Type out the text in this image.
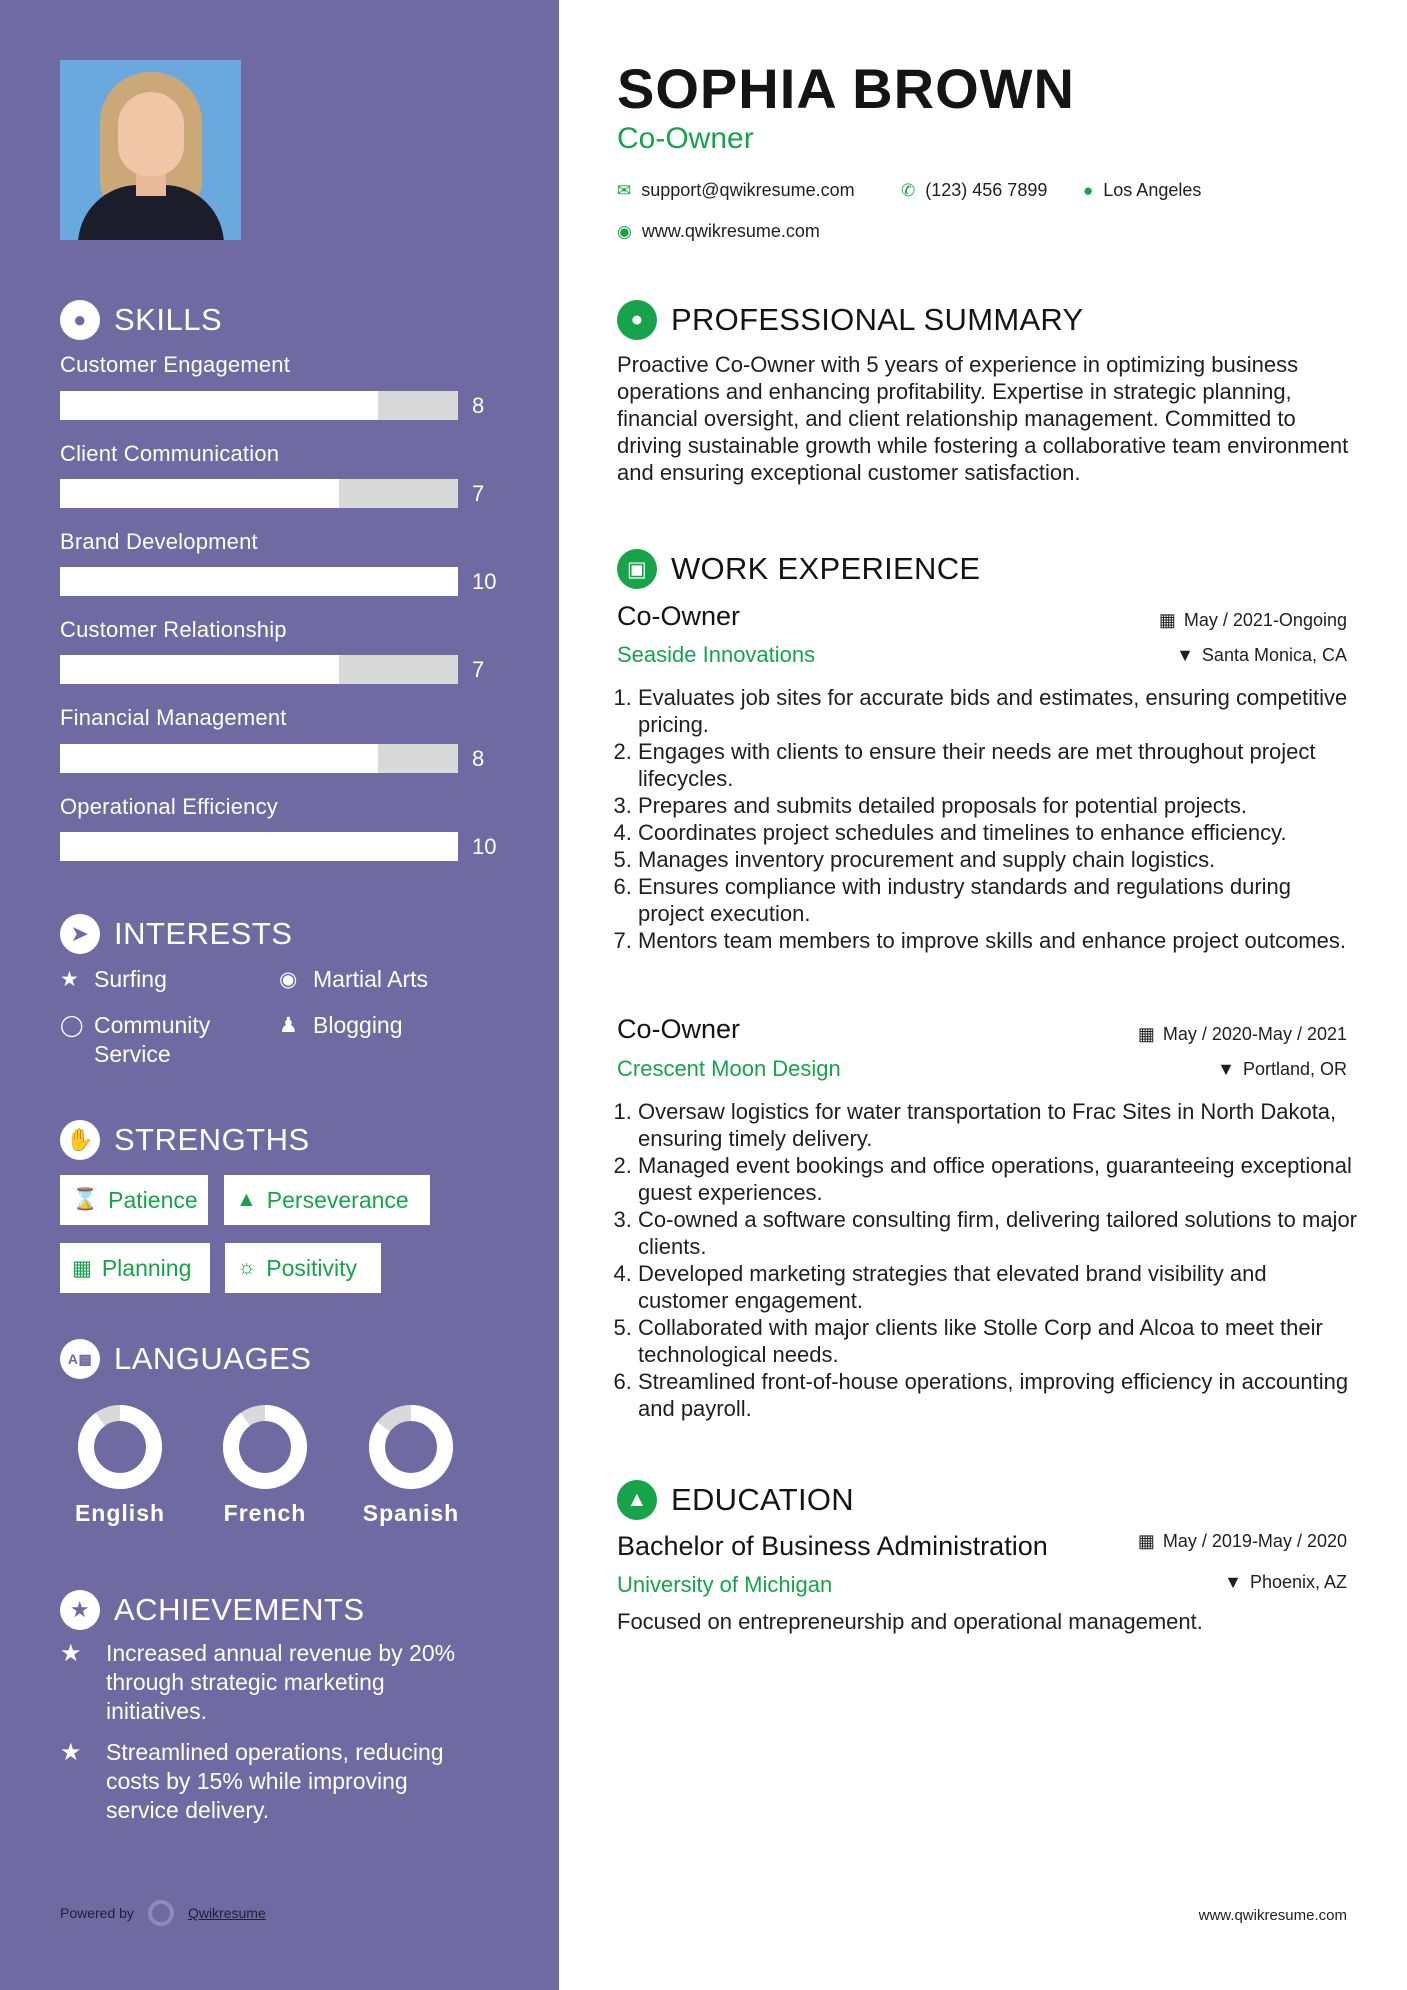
● SKILLS
Customer Engagement
8
Client Communication
7
Brand Development
10
Customer Relationship
7
Financial Management
8
Operational Efficiency
10
➤ INTERESTS
★ Surfing	◉ Martial Arts
◯ Community Service
♟ Blogging
✋ STRENGTHS
⌛ Patience ▲ Perseverance
▦ Planning ☼ Positivity
A▩ LANGUAGES
English	French	Spanish
★ ACHIEVEMENTS
★	Increased annual revenue by 20% through strategic marketing initiatives.
★	Streamlined operations, reducing costs by 15% while improving service delivery.
Powered by	Qwikresume
SOPHIA BROWN
Co-Owner
✉ support@qwikresume.com	✆ (123) 456 7899 ● Los Angeles
◉ www.qwikresume.com
● PROFESSIONAL SUMMARY
Proactive Co-Owner with 5 years of experience in optimizing business operations and enhancing profitability. Expertise in strategic planning, financial oversight, and client relationship management. Committed to driving sustainable growth while fostering a collaborative team environment and ensuring exceptional customer satisfaction.
▣ WORK EXPERIENCE
Co-Owner	▦ May / 2021-Ongoing
Seaside Innovations	▼ Santa Monica, CA
1. Evaluates job sites for accurate bids and estimates, ensuring competitive pricing.
2. Engages with clients to ensure their needs are met throughout project lifecycles.
3. Prepares and submits detailed proposals for potential projects.
4. Coordinates project schedules and timelines to enhance efficiency.
5. Manages inventory procurement and supply chain logistics.
6. Ensures compliance with industry standards and regulations during project execution.
7. Mentors team members to improve skills and enhance project outcomes.
Co-Owner	▦ May / 2020-May / 2021
Crescent Moon Design	▼ Portland, OR
1. Oversaw logistics for water transportation to Frac Sites in North Dakota, ensuring timely delivery.
2. Managed event bookings and office operations, guaranteeing exceptional guest experiences.
3. Co-owned a software consulting firm, delivering tailored solutions to major clients.
4. Developed marketing strategies that elevated brand visibility and customer engagement.
5. Collaborated with major clients like Stolle Corp and Alcoa to meet their technological needs.
6. Streamlined front-of-house operations, improving efficiency in accounting and payroll.
▲ EDUCATION
Bachelor of Business Administration	▦ May / 2019-May / 2020
University of Michigan	▼ Phoenix, AZ
Focused on entrepreneurship and operational management.
www.qwikresume.com
